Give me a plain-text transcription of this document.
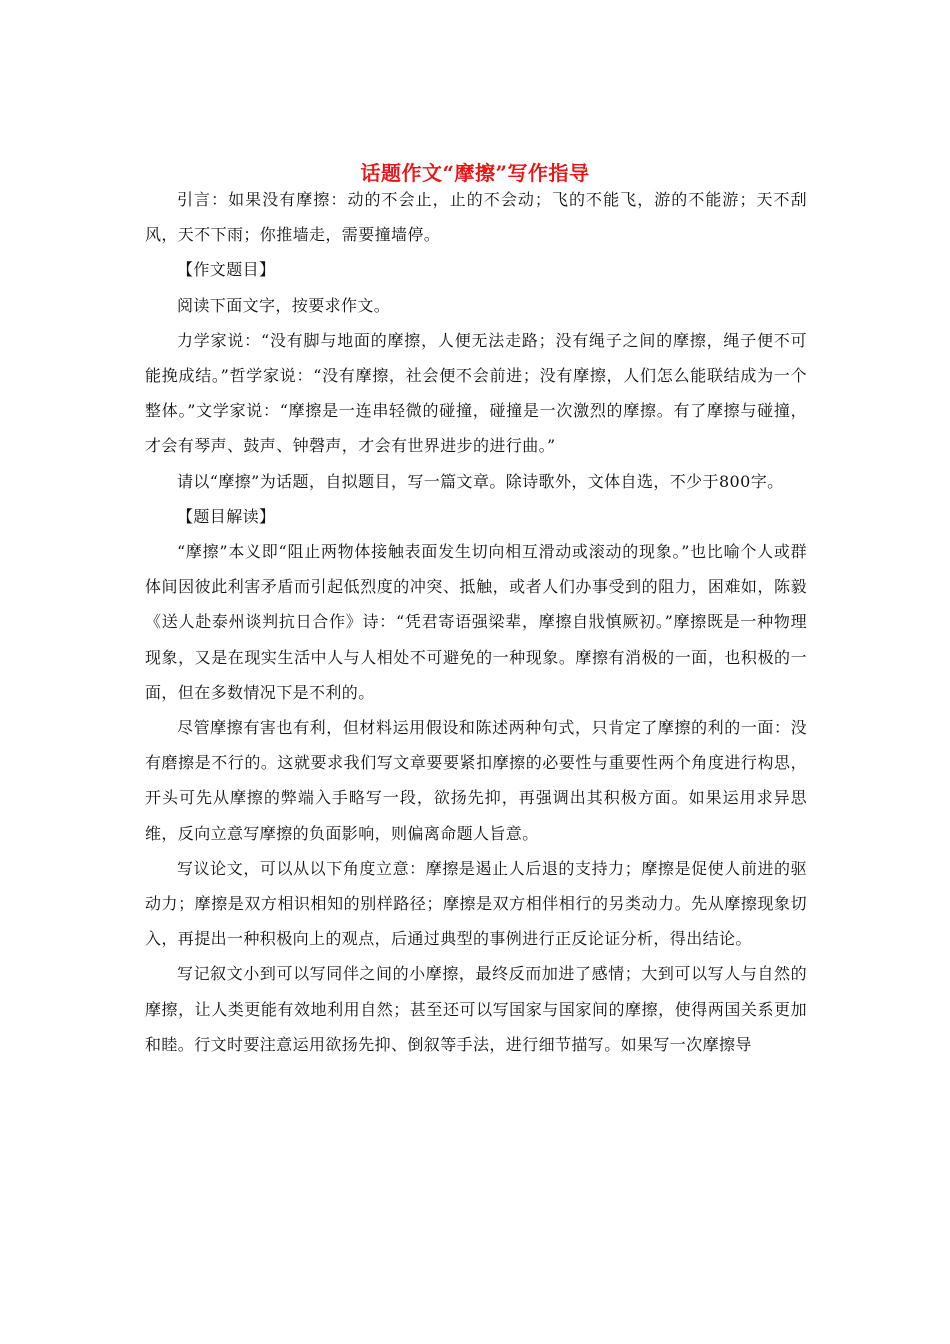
话题作文“摩擦”写作指导

引言：如果没有摩擦：动的不会止，止的不会动；飞的不能飞，游的不能游；天不刮风，天不下雨；你推墙走，需要撞墙停。

【作文题目】

阅读下面文字，按要求作文。

力学家说：“没有脚与地面的摩擦，人便无法走路；没有绳子之间的摩擦，绳子便不可能挽成结。”哲学家说：“没有摩擦，社会便不会前进；没有摩擦，人们怎么能联结成为一个整体。”文学家说：“摩擦是一连串轻微的碰撞，碰撞是一次激烈的摩擦。有了摩擦与碰撞，才会有琴声、鼓声、钟磬声，才会有世界进步的进行曲。”

请以“摩擦”为话题，自拟题目，写一篇文章。除诗歌外，文体自选，不少于800字。

【题目解读】

“摩擦”本义即“阻止两物体接触表面发生切向相互滑动或滚动的现象。”也比喻个人或群体间因彼此利害矛盾而引起低烈度的冲突、抵触，或者人们办事受到的阻力，困难如，陈毅《送人赴泰州谈判抗日合作》诗：“凭君寄语强梁辈，摩擦自戕慎厥初。”摩擦既是一种物理现象，又是在现实生活中人与人相处不可避免的一种现象。摩擦有消极的一面，也积极的一面，但在多数情况下是不利的。

尽管摩擦有害也有利，但材料运用假设和陈述两种句式，只肯定了摩擦的利的一面：没有磨擦是不行的。这就要求我们写文章要要紧扣摩擦的必要性与重要性两个角度进行构思，开头可先从摩擦的弊端入手略写一段，欲扬先抑，再强调出其积极方面。如果运用求异思维，反向立意写摩擦的负面影响，则偏离命题人旨意。

写议论文，可以从以下角度立意：摩擦是遏止人后退的支持力；摩擦是促使人前进的驱动力；摩擦是双方相识相知的别样路径；摩擦是双方相伴相行的另类动力。先从摩擦现象切入，再提出一种积极向上的观点，后通过典型的事例进行正反论证分析，得出结论。

写记叙文小到可以写同伴之间的小摩擦，最终反而加进了感情；大到可以写人与自然的摩擦，让人类更能有效地利用自然；甚至还可以写国家与国家间的摩擦，使得两国关系更加和睦。行文时要注意运用欲扬先抑、倒叙等手法，进行细节描写。如果写一次摩擦导
